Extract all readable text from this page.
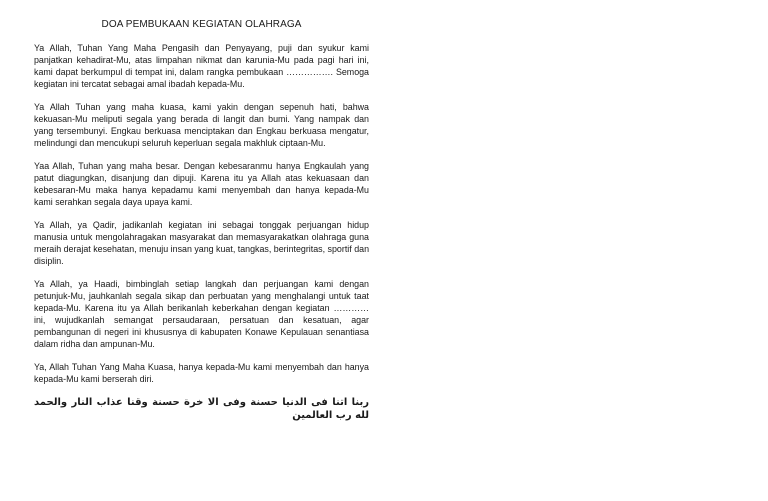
DOA PEMBUKAAN KEGIATAN OLAHRAGA

Ya Allah, Tuhan Yang Maha Pengasih dan Penyayang, puji dan syukur kami panjatkan kehadirat-Mu, atas limpahan nikmat dan karunia-Mu pada pagi hari ini, kami dapat berkumpul di tempat ini, dalam rangka pembukaan ……………. Semoga kegiatan ini tercatat sebagai amal ibadah kepada-Mu.

Ya Allah Tuhan yang maha kuasa, kami yakin dengan sepenuh hati, bahwa kekuasan-Mu meliputi segala yang berada di langit dan bumi. Yang nampak dan yang tersembunyi. Engkau berkuasa menciptakan dan Engkau berkuasa mengatur, melindungi dan mencukupi seluruh keperluan segala makhluk ciptaan-Mu.

Yaa Allah, Tuhan yang maha besar. Dengan kebesaranmu hanya Engkaulah yang patut diagungkan, disanjung dan dipuji. Karena itu ya Allah atas kekuasaan dan kebesaran-Mu maka hanya kepadamu kami menyembah dan hanya kepada-Mu kami serahkan segala daya upaya kami.

Ya Allah, ya Qadir, jadikanlah kegiatan ini sebagai tonggak perjuangan hidup manusia untuk mengolahragakan masyarakat dan memasyarakatkan olahraga guna meraih derajat kesehatan, menuju insan yang kuat, tangkas, berintegritas, sportif dan disiplin.

Ya Allah, ya Haadi, bimbinglah setiap langkah dan perjuangan kami dengan petunjuk-Mu, jauhkanlah segala sikap dan perbuatan yang menghalangi untuk taat kepada-Mu. Karena itu ya Allah berikanlah keberkahan dengan kegiatan ………… ini, wujudkanlah semangat persaudaraan, persatuan dan kesatuan, agar pembangunan di negeri ini khususnya di kabupaten Konawe Kepulauan senantiasa dalam ridha dan ampunan-Mu.

Ya, Allah Tuhan Yang Maha Kuasa, hanya kepada-Mu kami menyembah dan hanya kepada-Mu kami berserah diri.

ربنا اتنا فى الدنيا حسنة وفى الا خرة حسنة وقنا عذاب النار والحمد لله رب العالمين
